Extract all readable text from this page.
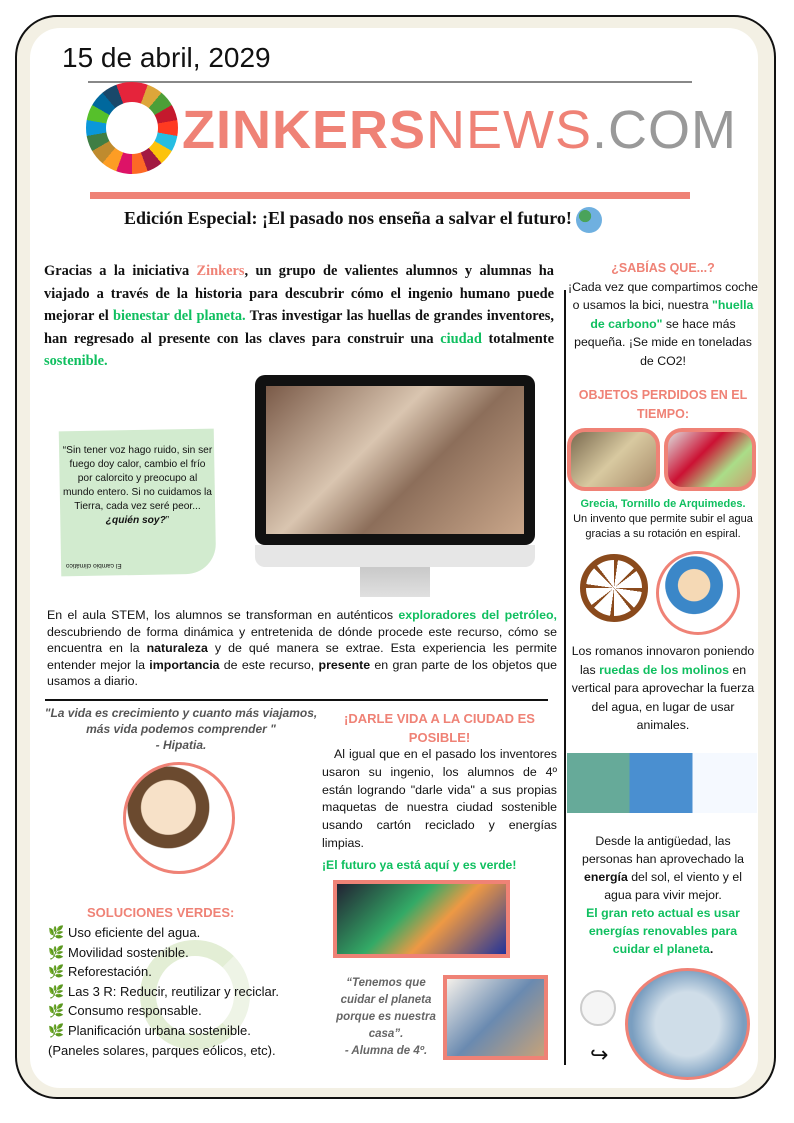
15 de abril, 2029
ZINKERSNEWS.COM
Edición Especial: ¡El pasado nos enseña a salvar el futuro!

Gracias a la iniciativa Zinkers, un grupo de valientes alumnos y alumnas ha viajado a través de la historia para descubrir cómo el ingenio humano puede mejorar el bienestar del planeta. Tras investigar las huellas de grandes inventores, han regresado al presente con las claves para construir una ciudad totalmente sostenible.

“Sin tener voz hago ruido, sin ser fuego doy calor, cambio el frío por calorcito y preocupo al mundo entero. Si no cuidamos la Tierra, cada vez seré peor... ¿quién soy?”

El cambio climático

En el aula STEM, los alumnos se transforman en auténticos exploradores del petróleo, descubriendo de forma dinámica y entretenida de dónde procede este recurso, cómo se encuentra en la naturaleza y de qué manera se extrae. Esta experiencia les permite entender mejor la importancia de este recurso, presente en gran parte de los objetos que usamos a diario.

"La vida es crecimiento y cuanto más viajamos, más vida podemos comprender "
- Hipatia.
SOLUCIONES VERDES:
🌿 Uso eficiente del agua.
🌿 Movilidad sostenible.
🌿 Reforestación.
🌿 Las 3 R: Reducir, reutilizar y reciclar.
🌿 Consumo responsable.
🌿 Planificación urbana sostenible.
(Paneles solares, parques eólicos, etc).
¡DARLE VIDA A LA CIUDAD ES POSIBLE!

Al igual que en el pasado los inventores usaron su ingenio, los alumnos de 4º están logrando "darle vida" a sus propias maquetas de nuestra ciudad sostenible usando cartón reciclado y energías limpias.

¡El futuro ya está aquí y es verde!
“Tenemos que cuidar el planeta porque es nuestra casa”.
- Alumna de 4º.
¿SABÍAS QUE...?

¡Cada vez que compartimos coche o usamos la bici, nuestra "huella de carbono" se hace más pequeña. ¡Se mide en toneladas de CO2!

OBJETOS PERDIDOS EN EL TIEMPO:
Grecia, Tornillo de Arquimedes.
Un invento que permite subir el agua gracias a su rotación en espiral.

Los romanos innovaron poniendo las ruedas de los molinos en vertical para aprovechar la fuerza del agua, en lugar de usar animales.

Desde la antigüedad, las personas han aprovechado la energía del sol, el viento y el agua para vivir mejor.
El gran reto actual es usar energías renovables para cuidar el planeta.

↪
